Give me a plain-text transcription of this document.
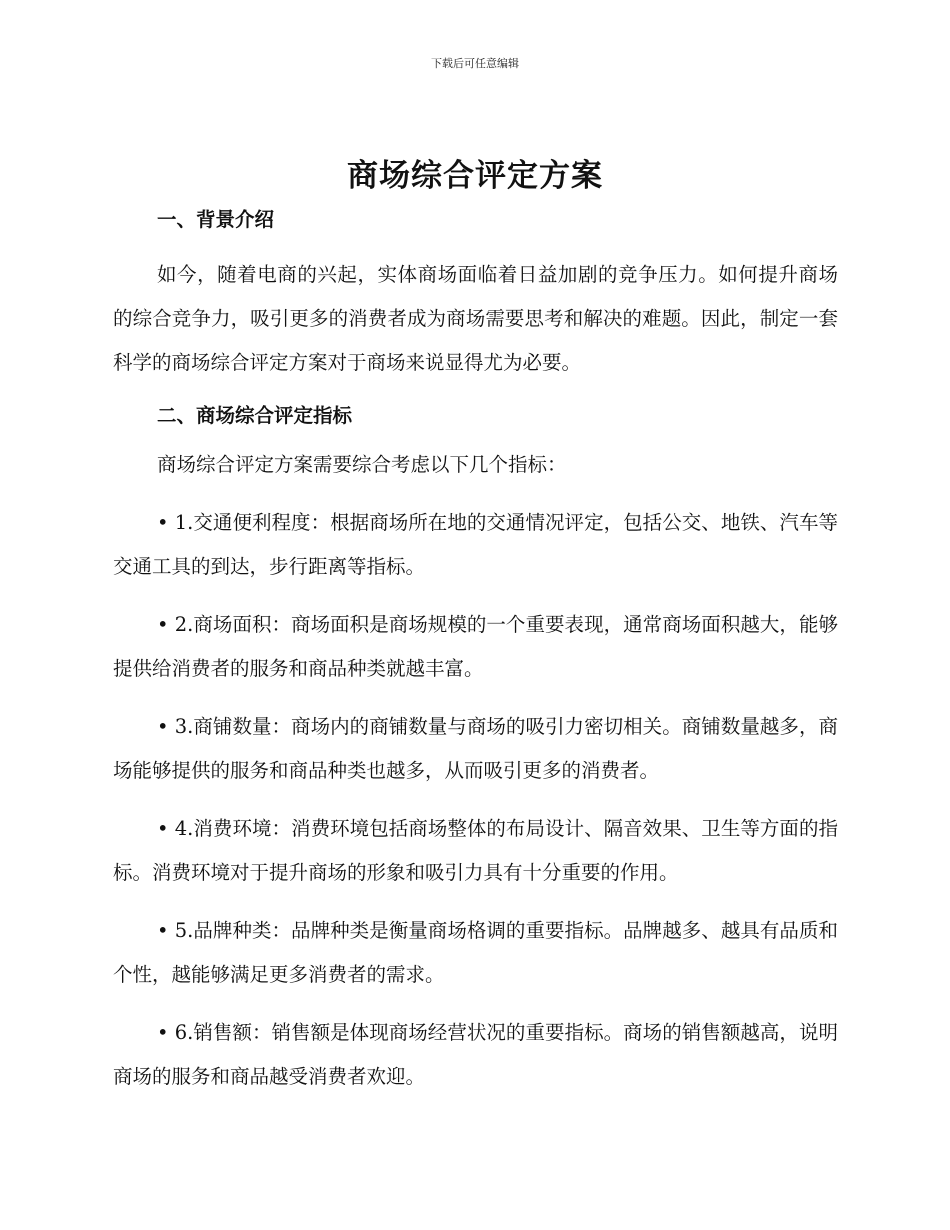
下载后可任意编辑
商场综合评定方案
一、背景介绍

如今，随着电商的兴起，实体商场面临着日益加剧的竞争压力。如何提升商场的综合竞争力，吸引更多的消费者成为商场需要思考和解决的难题。因此，制定一套科学的商场综合评定方案对于商场来说显得尤为必要。

二、商场综合评定指标

商场综合评定方案需要综合考虑以下几个指标：

• 1.交通便利程度：根据商场所在地的交通情况评定，包括公交、地铁、汽车等交通工具的到达，步行距离等指标。

• 2.商场面积：商场面积是商场规模的一个重要表现，通常商场面积越大，能够提供给消费者的服务和商品种类就越丰富。

• 3.商铺数量：商场内的商铺数量与商场的吸引力密切相关。商铺数量越多，商场能够提供的服务和商品种类也越多，从而吸引更多的消费者。

• 4.消费环境：消费环境包括商场整体的布局设计、隔音效果、卫生等方面的指标。消费环境对于提升商场的形象和吸引力具有十分重要的作用。

• 5.品牌种类：品牌种类是衡量商场格调的重要指标。品牌越多、越具有品质和个性，越能够满足更多消费者的需求。

• 6.销售额：销售额是体现商场经营状况的重要指标。商场的销售额越高，说明商场的服务和商品越受消费者欢迎。
